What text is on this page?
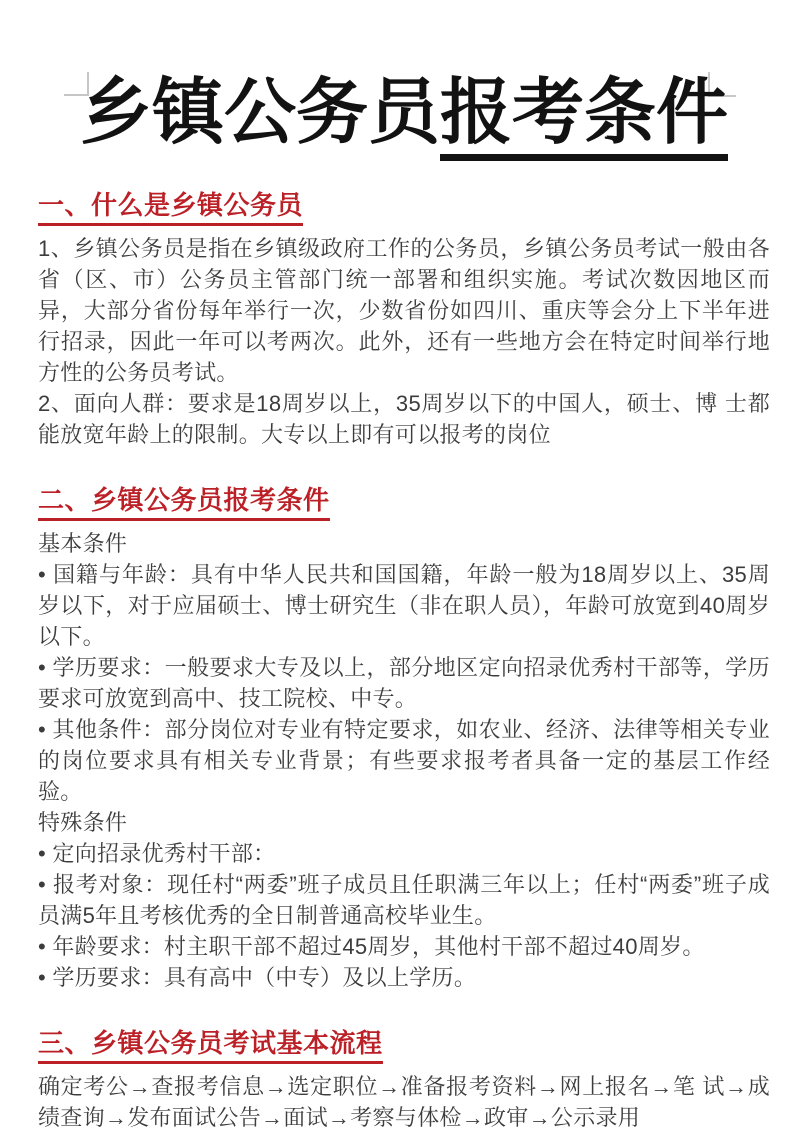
乡镇公务员报考条件
一、什么是乡镇公务员

1、乡镇公务员是指在乡镇级政府工作的公务员，乡镇公务员考试一般由各省（区、市）公务员主管部门统一部署和组织实施。考试次数因地区而异，大部分省份每年举行一次，少数省份如四川、重庆等会分上下半年进行招录，因此一年可以考两次。此外，还有一些地方会在特定时间举行地方性的公务员考试。

2、面向人群：要求是18周岁以上，35周岁以下的中国人，硕士、博 士都能放宽年龄上的限制。大专以上即有可以报考的岗位

二、乡镇公务员报考条件

基本条件

• 国籍与年龄：具有中华人民共和国国籍，年龄一般为18周岁以上、35周岁以下，对于应届硕士、博士研究生（非在职人员），年龄可放宽到40周岁以下。

• 学历要求：一般要求大专及以上，部分地区定向招录优秀村干部等，学历要求可放宽到高中、技工院校、中专。

• 其他条件：部分岗位对专业有特定要求，如农业、经济、法律等相关专业的岗位要求具有相关专业背景；有些要求报考者具备一定的基层工作经验。

特殊条件

• 定向招录优秀村干部：

• 报考对象：现任村“两委”班子成员且任职满三年以上；任村“两委”班子成员满5年且考核优秀的全日制普通高校毕业生。

• 年龄要求：村主职干部不超过45周岁，其他村干部不超过40周岁。

• 学历要求：具有高中（中专）及以上学历。

三、乡镇公务员考试基本流程

确定考公→查报考信息→选定职位→准备报考资料→网上报名→笔 试→成绩查询→发布面试公告→面试→考察与体检→政审→公示录用
